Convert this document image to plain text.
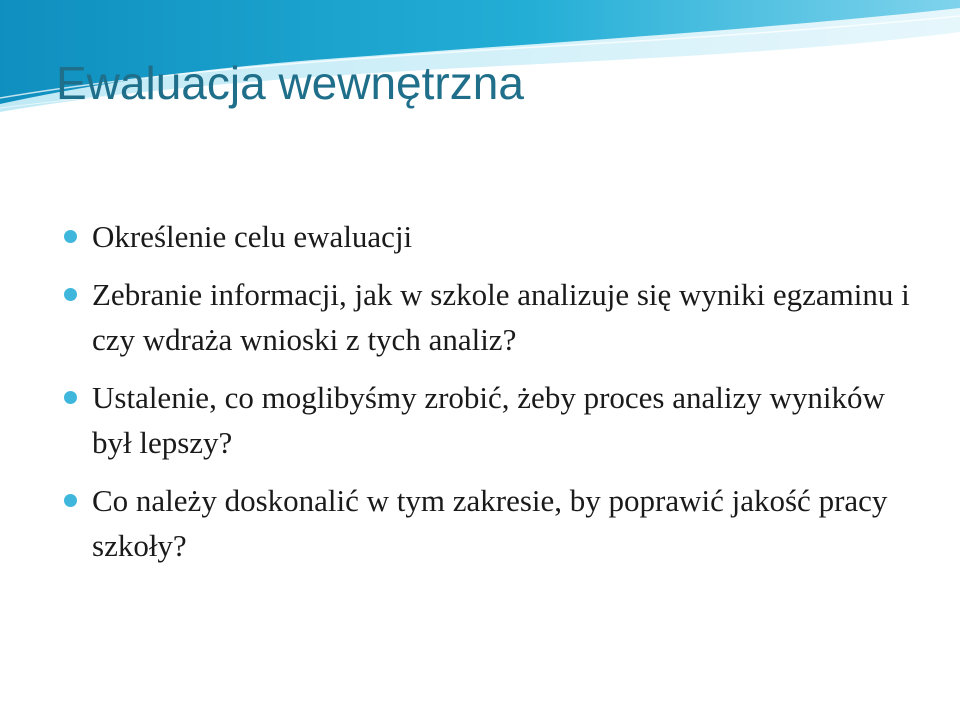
Ewaluacja wewnętrzna
Określenie celu ewaluacji
Zebranie informacji, jak w szkole analizuje się wyniki egzaminu i czy wdraża wnioski z tych analiz?
Ustalenie, co moglibyśmy zrobić, żeby proces analizy wyników był lepszy?
Co należy doskonalić w tym zakresie, by poprawić jakość pracy szkoły?
